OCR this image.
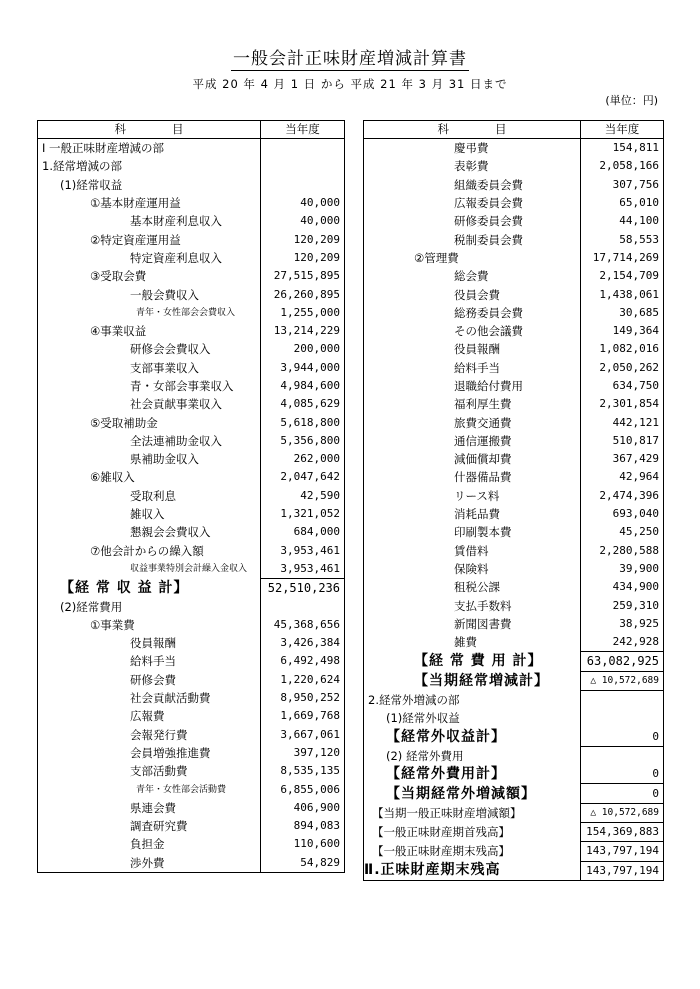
一般会計正味財産増減計算書
平成 20 年 4 月 1 日 から 平成 21 年 3 月 31 日まで
(単位：円)
科　　　　目	当年度
Ⅰ 一般正味財産増減の部	
1.経常増減の部	
(1)経常収益	
①基本財産運用益	40,000
基本財産利息収入	40,000
②特定資産運用益	120,209
特定資産利息収入	120,209
③受取会費	27,515,895
一般会費収入	26,260,895
青年・女性部会会費収入	1,255,000
④事業収益	13,214,229
研修会会費収入	200,000
支部事業収入	3,944,000
青・女部会事業収入	4,984,600
社会貢献事業収入	4,085,629
⑤受取補助金	5,618,800
全法連補助金収入	5,356,800
県補助金収入	262,000
⑥雑収入	2,047,642
受取利息	42,590
雑収入	1,321,052
懇親会会費収入	684,000
⑦他会計からの繰入額	3,953,461
収益事業特別会計繰入金収入	3,953,461
【経 常 収 益 計】	52,510,236
(2)経常費用	
①事業費	45,368,656
役員報酬	3,426,384
給料手当	6,492,498
研修会費	1,220,624
社会貢献活動費	8,950,252
広報費	1,669,768
会報発行費	3,667,061
会員増強推進費	397,120
支部活動費	8,535,135
青年・女性部会活動費	6,855,006
県連会費	406,900
調査研究費	894,083
負担金	110,600
渉外費	54,829
科　　　　目	当年度
慶弔費	154,811
表彰費	2,058,166
組織委員会費	307,756
広報委員会費	65,010
研修委員会費	44,100
税制委員会費	58,553
②管理費	17,714,269
総会費	2,154,709
役員会費	1,438,061
総務委員会費	30,685
その他会議費	149,364
役員報酬	1,082,016
給料手当	2,050,262
退職給付費用	634,750
福利厚生費	2,301,854
旅費交通費	442,121
通信運搬費	510,817
減価償却費	367,429
什器備品費	42,964
リース料	2,474,396
消耗品費	693,040
印刷製本費	45,250
賃借料	2,280,588
保険料	39,900
租税公課	434,900
支払手数料	259,310
新聞図書費	38,925
雑費	242,928
【経 常 費 用 計】	63,082,925
【当期経常増減計】	△ 10,572,689
2.経常外増減の部	
(1)経常外収益	
【経常外収益計】	0
(2) 経常外費用	
【経常外費用計】	0
【当期経常外増減額】	0
【当期一般正味財産増減額】	△ 10,572,689
【一般正味財産期首残高】	154,369,883
【一般正味財産期末残高】	143,797,194
Ⅱ.正味財産期末残高	143,797,194
